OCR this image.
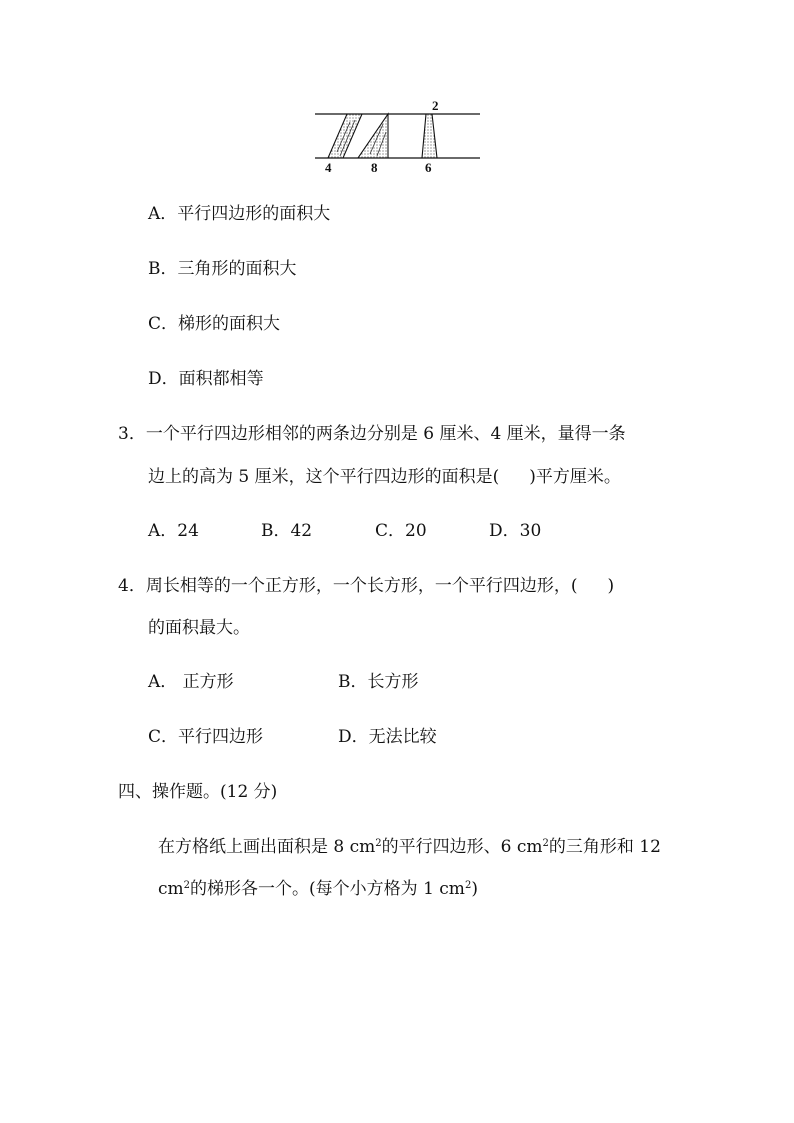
2
4	8	6
A．平行四边形的面积大
B．三角形的面积大
C．梯形的面积大
D．面积都相等
3．一个平行四边形相邻的两条边分别是 6 厘米、4 厘米，量得一条
边上的高为 5 厘米，这个平行四边形的面积是( )平方厘米。
A．24	B．42	C．20	D．30
4．周长相等的一个正方形，一个长方形，一个平行四边形，( )
的面积最大。
A． 正方形	B．长方形
C．平行四边形	D．无法比较
四、操作题。(12 分)
在方格纸上画出面积是 8 $cm^2$的平行四边形、6 $cm^2$的三角形和 12
$cm^2$的梯形各一个。(每个小方格为 1 $cm^2$)
